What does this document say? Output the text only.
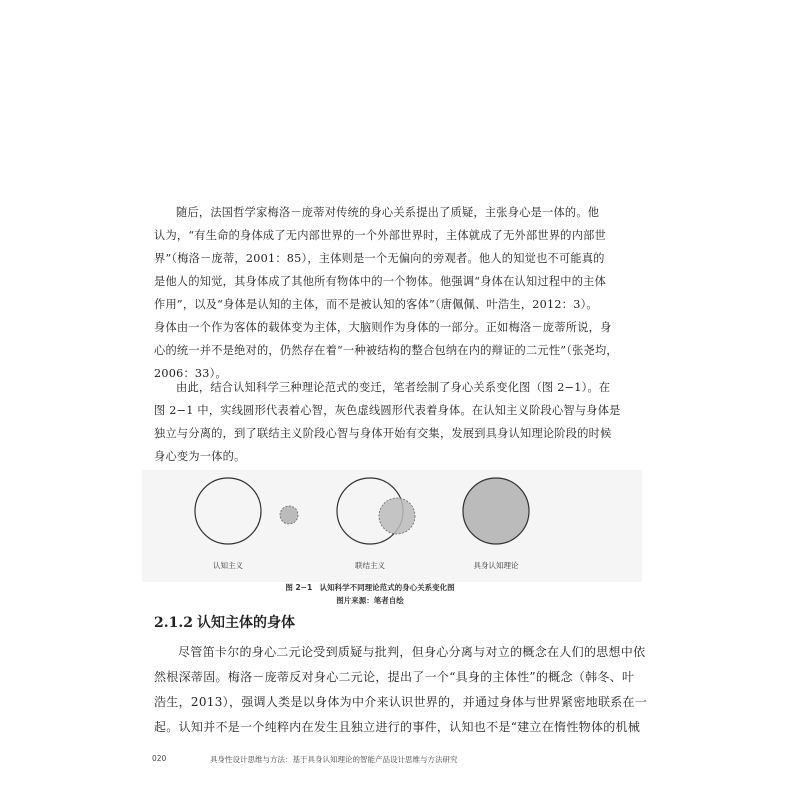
随后，法国哲学家梅洛－庞蒂对传统的身心关系提出了质疑，主张身心是一体的。他
认为，“有生命的身体成了无内部世界的一个外部世界时，主体就成了无外部世界的内部世
界”（梅洛－庞蒂，2001：85），主体则是一个无偏向的旁观者。他人的知觉也不可能真的
是他人的知觉，其身体成了其他所有物体中的一个物体。他强调“身体在认知过程中的主体
作用”，以及“身体是认知的主体，而不是被认知的客体”（唐佩佩、叶浩生，2012：3）。
身体由一个作为客体的载体变为主体，大脑则作为身体的一部分。正如梅洛－庞蒂所说，身
心的统一并不是绝对的，仍然存在着“一种被结构的整合包纳在内的辩证的二元性”（张尧均，
2006：33）。

由此，结合认知科学三种理论范式的变迁，笔者绘制了身心关系变化图（图 2−1）。在
图 2−1 中，实线圆形代表着心智，灰色虚线圆形代表着身体。在认知主义阶段心智与身体是
独立与分离的，到了联结主义阶段心智与身体开始有交集，发展到具身认知理论阶段的时候
身心变为一体的。

认知主义	联结主义	具身认知理论
图 2−1　认知科学不同理论范式的身心关系变化图
图片来源：笔者自绘
2.1.2 认知主体的身体

尽管笛卡尔的身心二元论受到质疑与批判，但身心分离与对立的概念在人们的思想中依
然根深蒂固。梅洛－庞蒂反对身心二元论，提出了一个“具身的主体性”的概念（韩冬、叶
浩生，2013），强调人类是以身体为中介来认识世界的，并通过身体与世界紧密地联系在一
起。认知并不是一个纯粹内在发生且独立进行的事件，认知也不是“建立在惰性物体的机械

020	具身性设计思维与方法：基于具身认知理论的智能产品设计思维与方法研究
